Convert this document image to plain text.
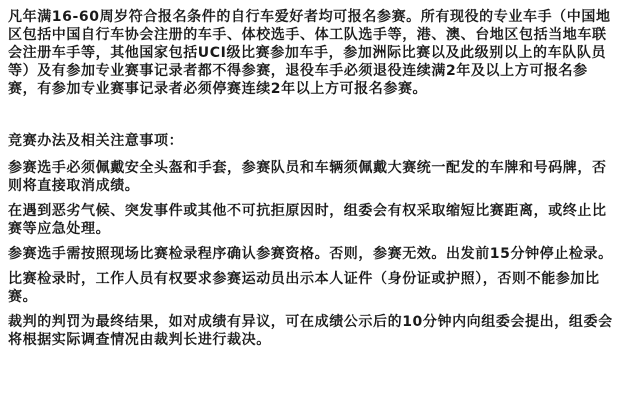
凡年满16-60周岁符合报名条件的自行车爱好者均可报名参赛。所有现役的专业车手（中国地区包括中国自行车协会注册的车手、体校选手、体工队选手等，港、澳、台地区包括当地车联会注册车手等，其他国家包括UCI级比赛参加车手，参加洲际比赛以及此级别以上的车队队员等）及有参加专业赛事记录者都不得参赛，退役车手必须退役连续满2年及以上方可报名参赛，有参加专业赛事记录者必须停赛连续2年以上方可报名参赛。

竞赛办法及相关注意事项：

参赛选手必须佩戴安全头盔和手套，参赛队员和车辆须佩戴大赛统一配发的车牌和号码牌，否则将直接取消成绩。

在遇到恶劣气候、突发事件或其他不可抗拒原因时，组委会有权采取缩短比赛距离，或终止比赛等应急处理。

参赛选手需按照现场比赛检录程序确认参赛资格。否则，参赛无效。出发前15分钟停止检录。

比赛检录时，工作人员有权要求参赛运动员出示本人证件（身份证或护照），否则不能参加比赛。

裁判的判罚为最终结果，如对成绩有异议，可在成绩公示后的10分钟内向组委会提出，组委会将根据实际调查情况由裁判长进行裁决。
